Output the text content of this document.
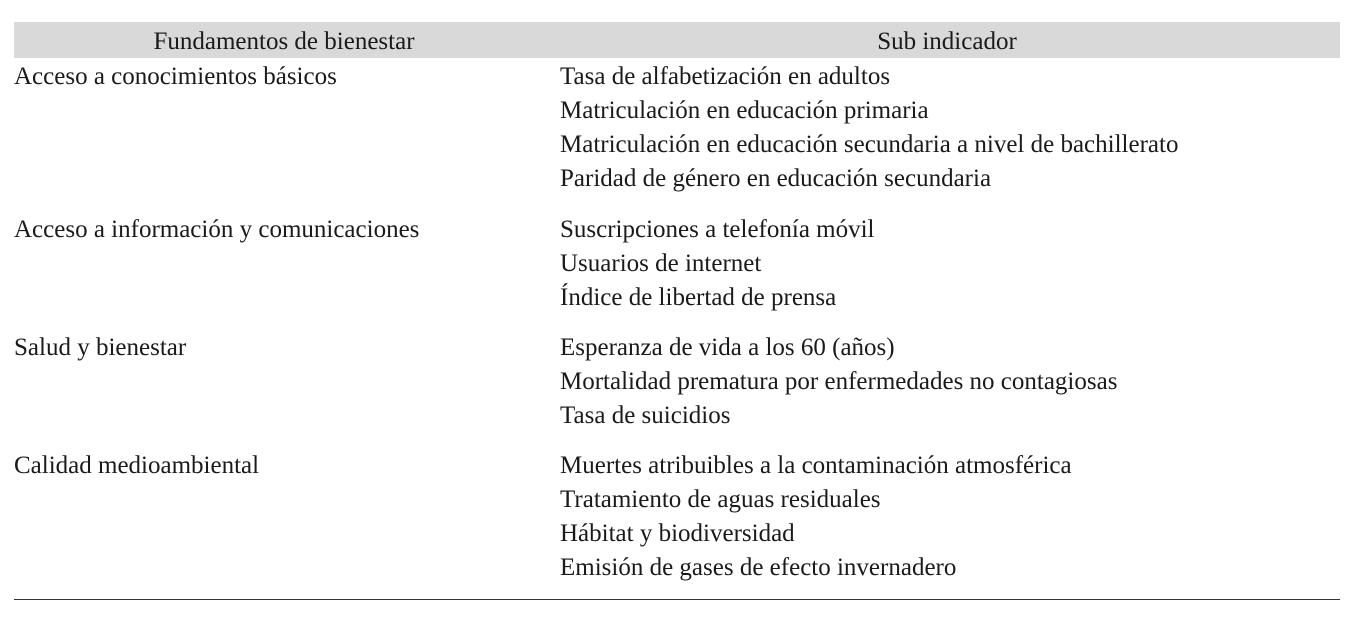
Fundamentos de bienestar	Sub indicador
Acceso a conocimientos básicos	Tasa de alfabetización en adultos
Matriculación en educación primaria
Matriculación en educación secundaria a nivel de bachillerato
Paridad de género en educación secundaria
Acceso a información y comunicaciones	Suscripciones a telefonía móvil
Usuarios de internet
Índice de libertad de prensa
Salud y bienestar	Esperanza de vida a los 60 (años)
Mortalidad prematura por enfermedades no contagiosas
Tasa de suicidios
Calidad medioambiental	Muertes atribuibles a la contaminación atmosférica
Tratamiento de aguas residuales
Hábitat y biodiversidad
Emisión de gases de efecto invernadero
